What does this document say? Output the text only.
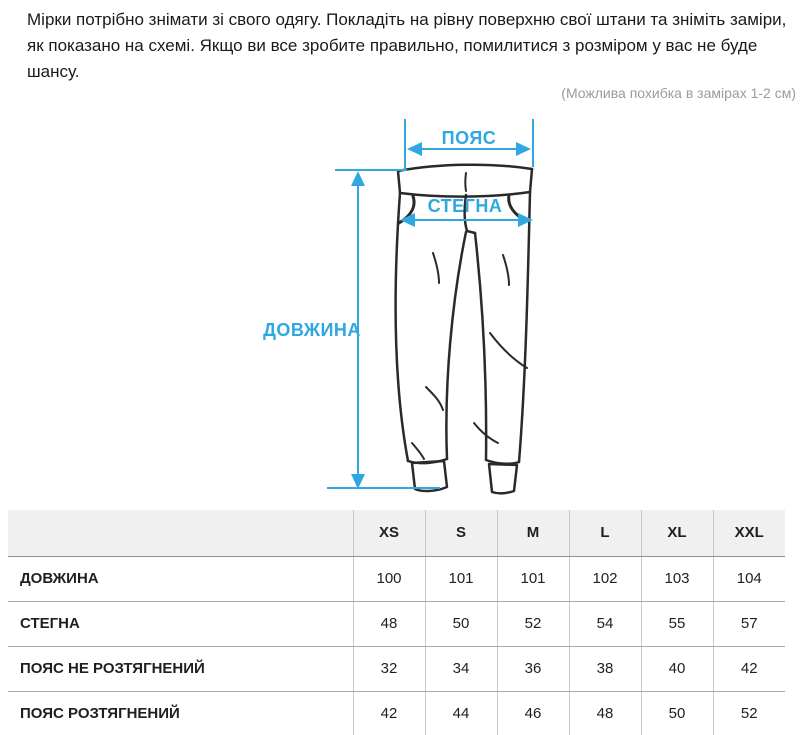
Мірки потрібно знімати зі свого одягу. Покладіть на рівну поверхню свої штани та зніміть заміри, як показано на схемі. Якщо ви все зробите правильно, помилитися з розміром у вас не буде шансу.
(Можлива похибка в замірах 1-2 см)
ПОЯС
СТЕГНА
ДОВЖИНА
	XS	S	M	L	XL	XXL
ДОВЖИНА	100	101	101	102	103	104
СТЕГНА	48	50	52	54	55	57
ПОЯС НЕ РОЗТЯГНЕНИЙ	32	34	36	38	40	42
ПОЯС РОЗТЯГНЕНИЙ	42	44	46	48	50	52
